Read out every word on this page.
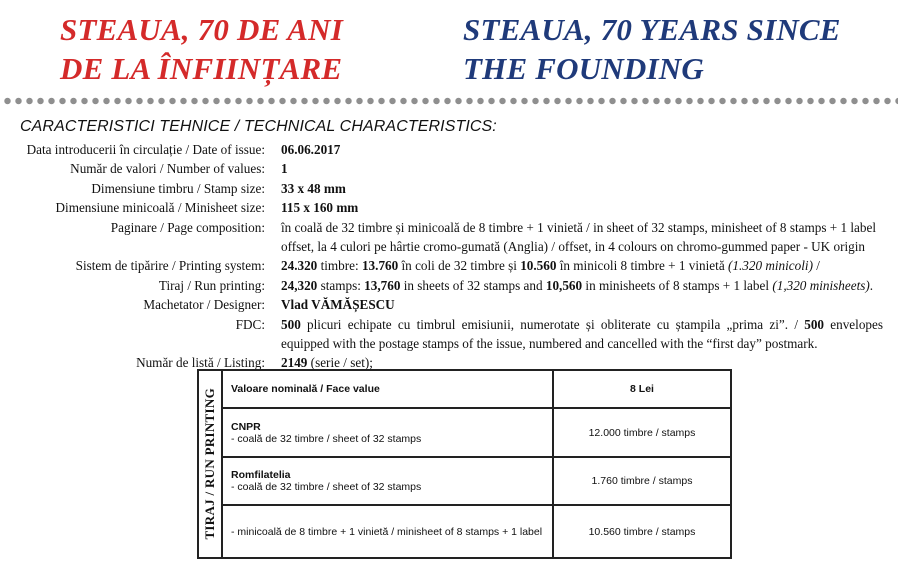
STEAUA, 70 DE ANI
DE LA ÎNFIINȚARE
STEAUA, 70 YEARS SINCE
THE FOUNDING
CARACTERISTICI TEHNICE / TECHNICAL CHARACTERISTICS:
Data introducerii în circulație / Date of issue:	06.06.2017
Număr de valori / Number of values:	1
Dimensiune timbru / Stamp size:	33 x 48 mm
Dimensiune minicoală / Minisheet size:	115 x 160 mm
Paginare / Page composition:	în coală de 32 timbre și minicoală de 8 timbre + 1 vinietă / in sheet of 32 stamps, minisheet of 8 stamps + 1 label
offset, la 4 culori pe hârtie cromo-gumată (Anglia) / offset, in 4 colours on chromo-gummed paper - UK origin
Sistem de tipărire / Printing system:	24.320 timbre: 13.760 în coli de 32 timbre și 10.560 în minicoli 8 timbre + 1 vinietă (1.320 minicoli) /
Tiraj / Run printing:	24,320 stamps: 13,760 in sheets of 32 stamps and 10,560 in minisheets of 8 stamps + 1 label (1,320 minisheets).
Machetator / Designer:	Vlad VĂMĂȘESCU
FDC:	500 plicuri echipate cu timbrul emisiunii, numerotate și obliterate cu ștampila „prima zi”. / 500 envelopes equipped with the postage stamps of the issue, numbered and cancelled with the “first day” postmark.
Număr de listă / Listing:	2149 (serie / set);
TIRAJ / RUN PRINTING	Valoare nominală / Face value	8 Lei

	CNPR
- coală de 32 timbre / sheet of 32 stamps	12.000 timbre / stamps

	Romfilatelia
- coală de 32 timbre / sheet of 32 stamps	1.760 timbre / stamps
	- minicoală de 8 timbre + 1 vinietă / minisheet of 8 stamps + 1 label	10.560 timbre / stamps
